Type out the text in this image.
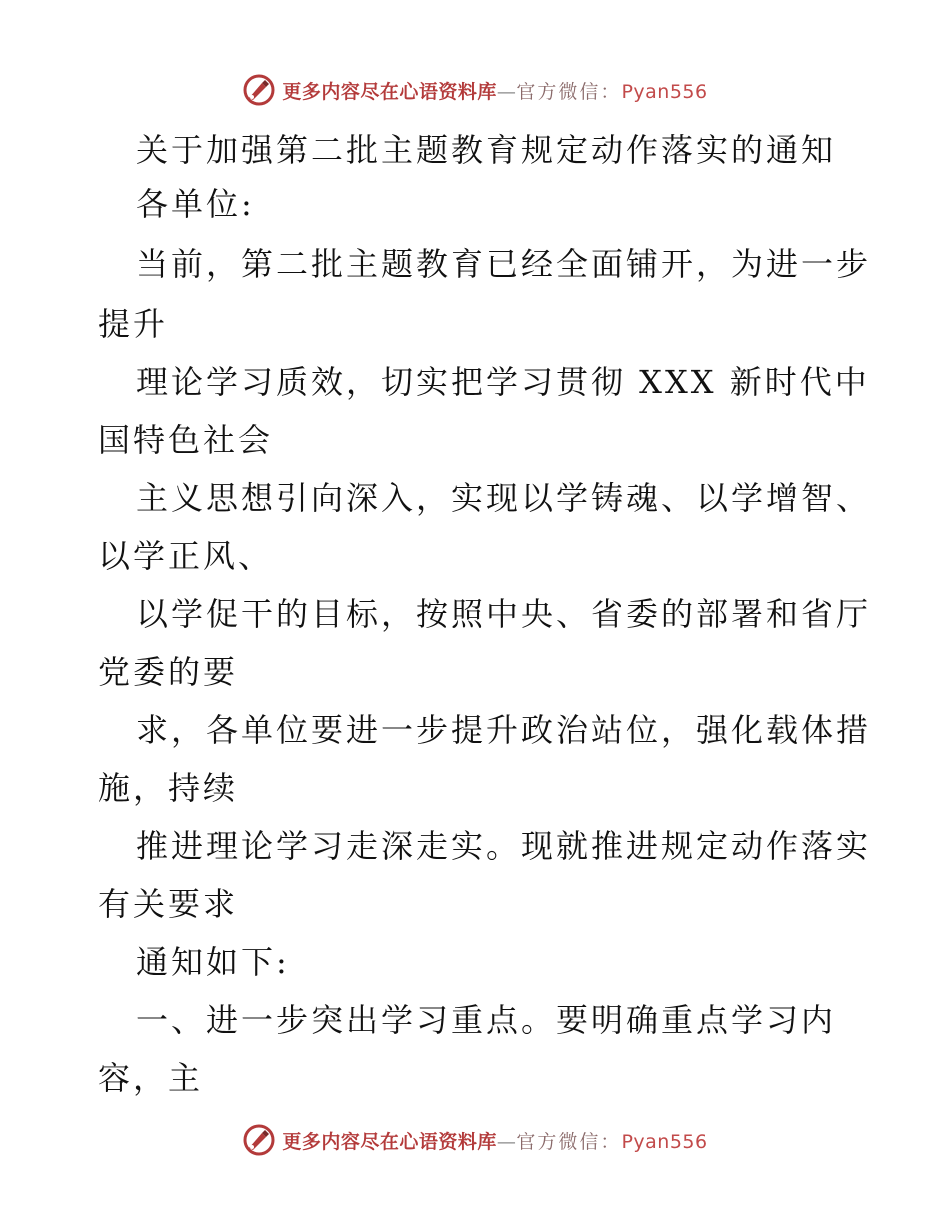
更多内容尽在心语资料库—官方微信：Pyan556
关于加强第二批主题教育规定动作落实的通知
各单位:
当前，第二批主题教育已经全面铺开，为进一步
提升
理论学习质效，切实把学习贯彻 XXX 新时代中
国特色社会
主义思想引向深入，实现以学铸魂、以学增智、
以学正风、
以学促干的目标，按照中央、省委的部署和省厅
党委的要
求，各单位要进一步提升政治站位，强化载体措
施，持续
推进理论学习走深走实。现就推进规定动作落实
有关要求
通知如下:
一、进一步突出学习重点。要明确重点学习内
容，主
更多内容尽在心语资料库—官方微信：Pyan556
